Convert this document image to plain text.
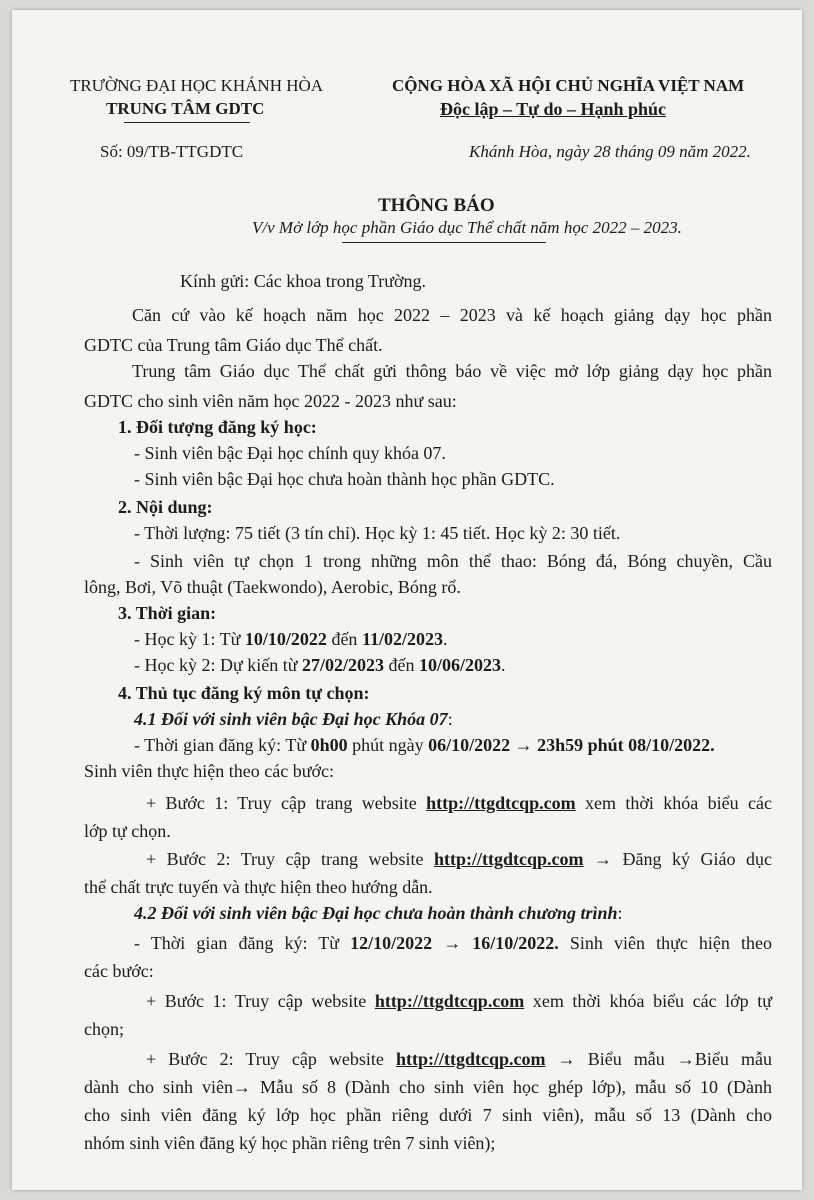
TRƯỜNG ĐẠI HỌC KHÁNH HÒA
TRUNG TÂM GDTC
Số: 09/TB-TTGDTC
CỘNG HÒA XÃ HỘI CHỦ NGHĨA VIỆT NAM
Độc lập – Tự do – Hạnh phúc
Khánh Hòa, ngày 28 tháng 09 năm 2022.
THÔNG BÁO
V/v Mở lớp học phần Giáo dục Thể chất năm học 2022 – 2023.
Kính gửi: Các khoa trong Trường.
Căn cứ vào kế hoạch năm học 2022 – 2023 và kế hoạch giảng dạy học phần
GDTC của Trung tâm Giáo dục Thể chất.
Trung tâm Giáo dục Thể chất gửi thông báo về việc mở lớp giảng dạy học phần
GDTC cho sinh viên năm học 2022 - 2023 như sau:
1. Đối tượng đăng ký học:
- Sinh viên bậc Đại học chính quy khóa 07.
- Sinh viên bậc Đại học chưa hoàn thành học phần GDTC.
2. Nội dung:
- Thời lượng: 75 tiết (3 tín chỉ). Học kỳ 1: 45 tiết. Học kỳ 2: 30 tiết.
- Sinh viên tự chọn 1 trong những môn thể thao: Bóng đá, Bóng chuyền, Cầu
lông, Bơi, Võ thuật (Taekwondo), Aerobic, Bóng rổ.
3. Thời gian:
- Học kỳ 1: Từ 10/10/2022 đến 11/02/2023.
- Học kỳ 2: Dự kiến từ 27/02/2023 đến 10/06/2023.
4. Thủ tục đăng ký môn tự chọn:
4.1 Đối với sinh viên bậc Đại học Khóa 07:
- Thời gian đăng ký: Từ 0h00 phút ngày 06/10/2022 → 23h59 phút 08/10/2022.
Sinh viên thực hiện theo các bước:
+ Bước 1: Truy cập trang website http://ttgdtcqp.com xem thời khóa biểu các
lớp tự chọn.
+ Bước 2: Truy cập trang website http://ttgdtcqp.com → Đăng ký Giáo dục
thể chất trực tuyến và thực hiện theo hướng dẫn.
4.2 Đối với sinh viên bậc Đại học chưa hoàn thành chương trình:
- Thời gian đăng ký: Từ 12/10/2022 → 16/10/2022. Sinh viên thực hiện theo
các bước:
+ Bước 1: Truy cập website http://ttgdtcqp.com xem thời khóa biểu các lớp tự
chọn;
+ Bước 2: Truy cập website http://ttgdtcqp.com → Biểu mẫu →Biểu mẫu
dành cho sinh viên→ Mẫu số 8 (Dành cho sinh viên học ghép lớp), mẫu số 10 (Dành
cho sinh viên đăng ký lớp học phần riêng dưới 7 sinh viên), mẫu số 13 (Dành cho
nhóm sinh viên đăng ký học phần riêng trên 7 sinh viên);
